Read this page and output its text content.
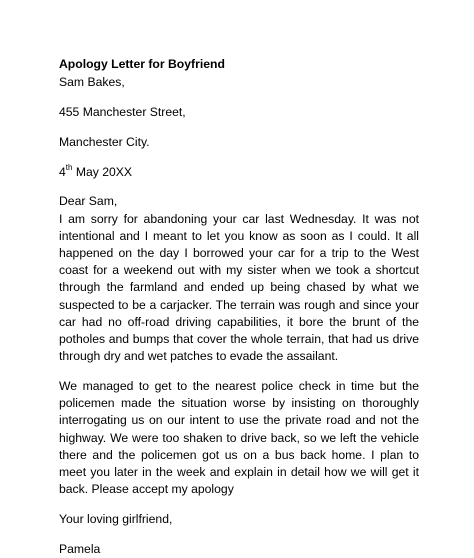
Apology Letter for Boyfriend
Sam Bakes,
455 Manchester Street,
Manchester City.
4th May 20XX
Dear Sam,

I am sorry for abandoning your car last Wednesday. It was not intentional and I meant to let you know as soon as I could. It all happened on the day I borrowed your car for a trip to the West coast for a weekend out with my sister when we took a shortcut through the farmland and ended up being chased by what we suspected to be a carjacker. The terrain was rough and since your car had no off-road driving capabilities, it bore the brunt of the potholes and bumps that cover the whole terrain, that had us drive through dry and wet patches to evade the assailant.

We managed to get to the nearest police check in time but the policemen made the situation worse by insisting on thoroughly interrogating us on our intent to use the private road and not the highway. We were too shaken to drive back, so we left the vehicle there and the policemen got us on a bus back home. I plan to meet you later in the week and explain in detail how we will get it back. Please accept my apology

Your loving girlfriend,
Pamela
